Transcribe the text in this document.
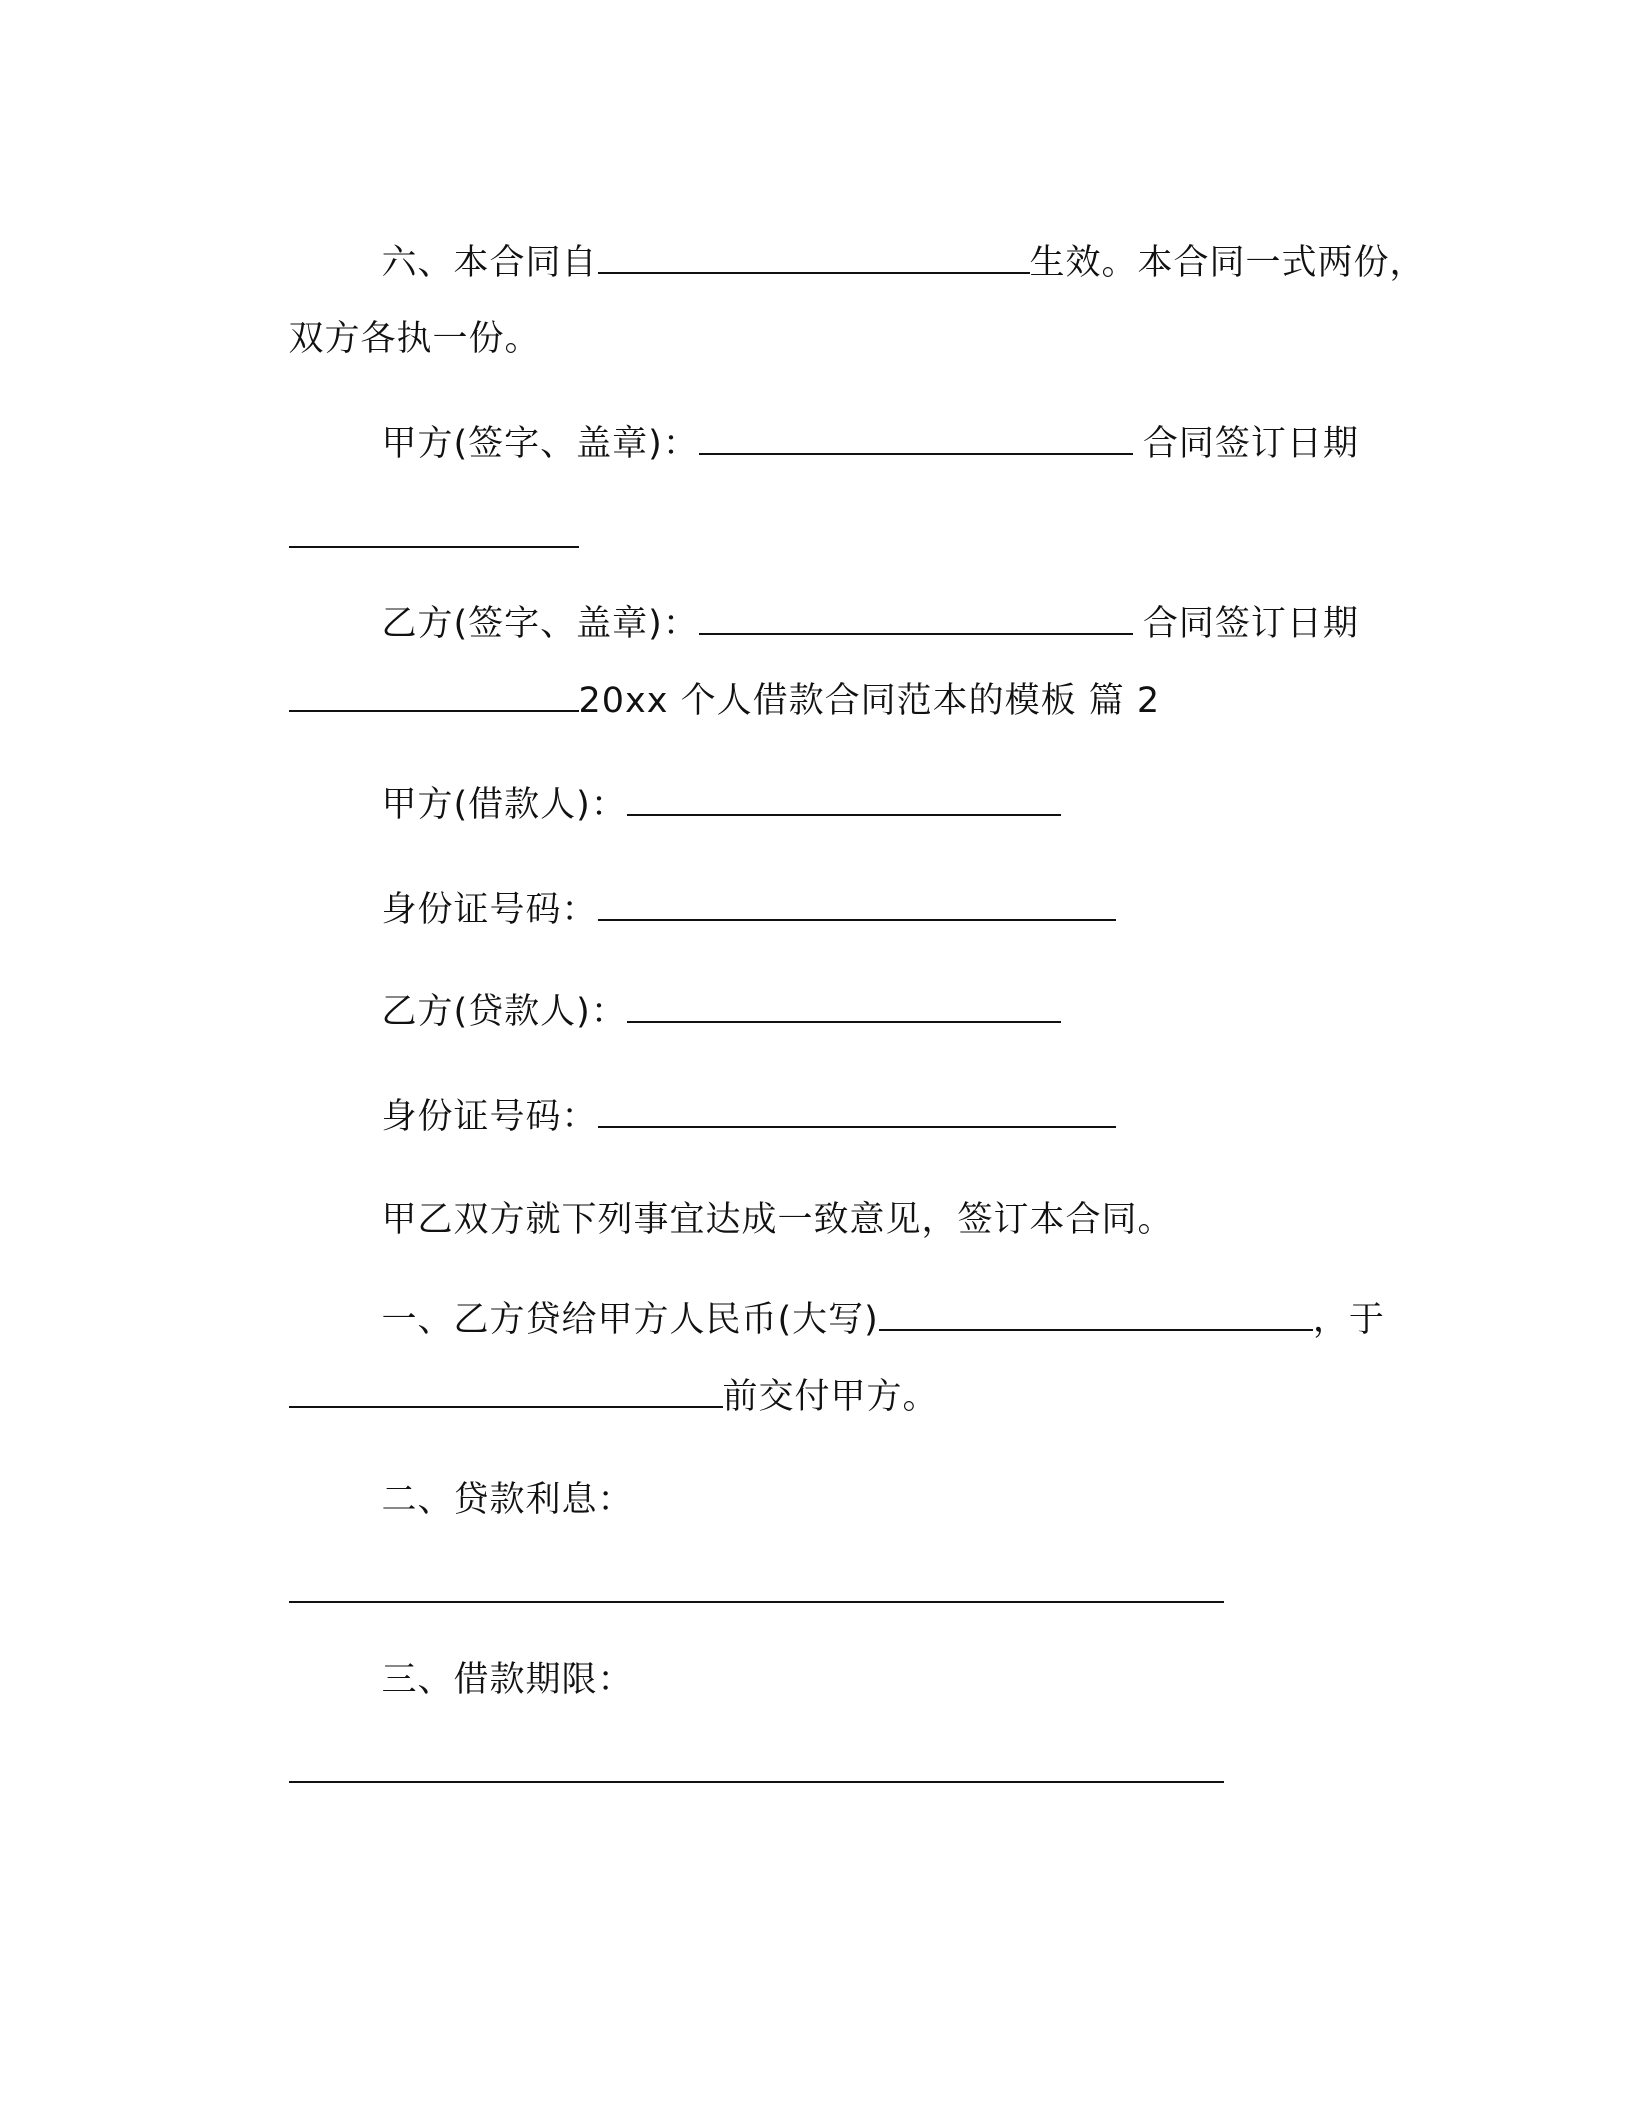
六、本合同自	生效。本合同一式两份，

双方各执一份。

甲方(签字、盖章)：	合同签订日期

乙方(签字、盖章)：	合同签订日期

20xx 个人借款合同范本的模板 篇 2

甲方(借款人)：

身份证号码：

乙方(贷款人)：

身份证号码：

甲乙双方就下列事宜达成一致意见，签订本合同。

一、乙方贷给甲方人民币(大写)	，于

前交付甲方。

二、贷款利息：

三、借款期限：
